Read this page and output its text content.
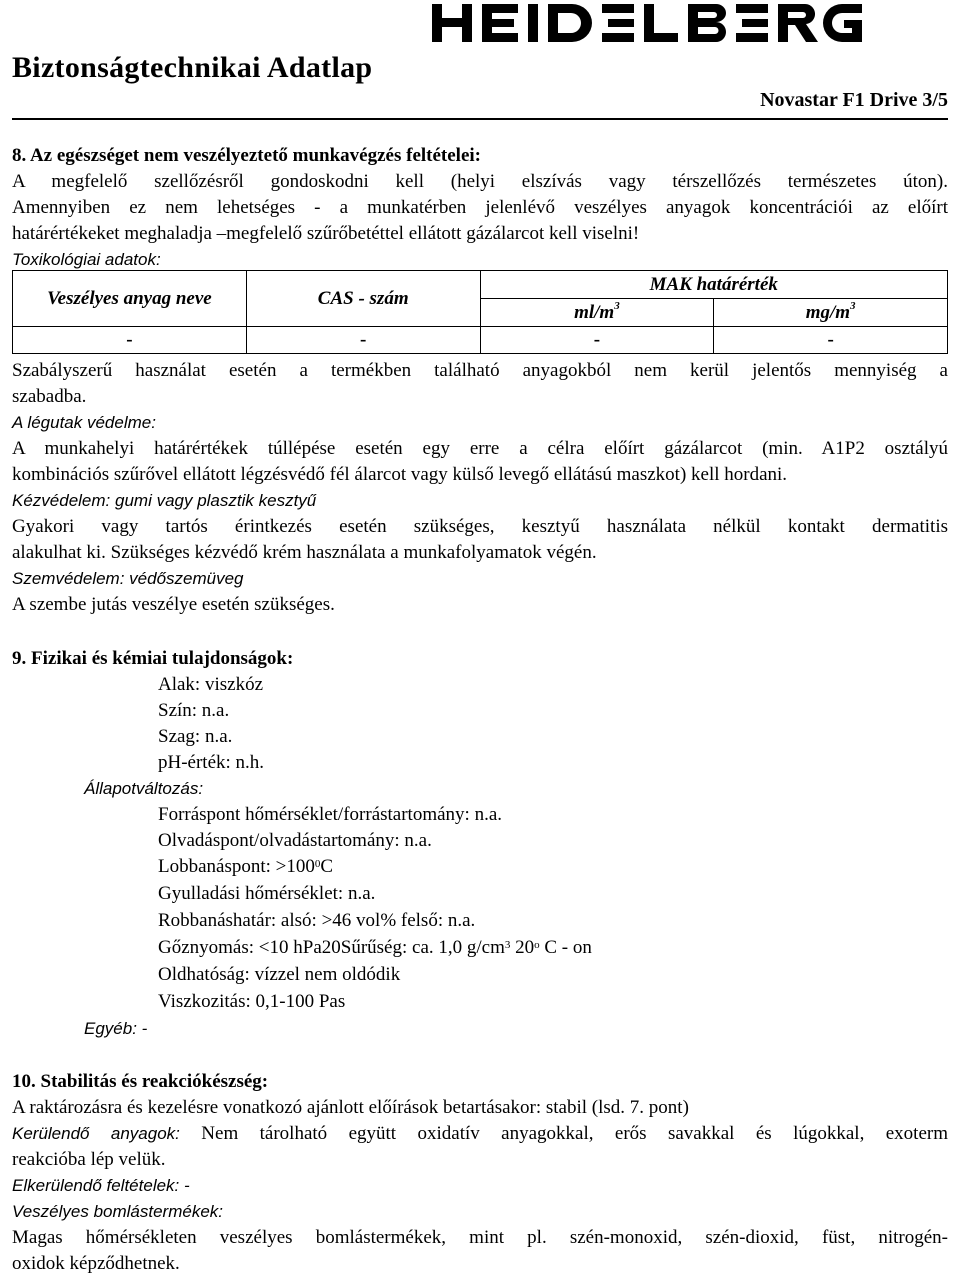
Biztonságtechnikai Adatlap
HEIDELBERG
Novastar F1 Drive 3/5
8. Az egészséget nem veszélyeztető munkavégzés feltételei:
A megfelelő szellőzésről gondoskodni kell (helyi elszívás vagy térszellőzés természetes úton).
Amennyiben ez nem lehetséges - a munkatérben jelenlévő veszélyes anyagok koncentrációi az előírt
határértékeket meghaladja –megfelelő szűrőbetéttel ellátott gázálarcot kell viselni!
Toxikológiai adatok:
Veszélyes anyag neve	CAS - szám	MAK határérték	
		$ml/m^3$	$mg/m^3$
-	-	-	-
Szabályszerű használat esetén a termékben található anyagokból nem kerül jelentős mennyiség a
szabadba.
A légutak védelme:
A munkahelyi határértékek túllépése esetén egy erre a célra előírt gázálarcot (min. A1P2 osztályú
kombinációs szűrővel ellátott légzésvédő fél álarcot vagy külső levegő ellátású maszkot) kell hordani.
Kézvédelem: gumi vagy plasztik kesztyű
Gyakori vagy tartós érintkezés esetén szükséges, kesztyű használata nélkül kontakt dermatitis
alakulhat ki. Szükséges kézvédő krém használata a munkafolyamatok végén.
Szemvédelem: védőszemüveg
A szembe jutás veszélye esetén szükséges.
9. Fizikai és kémiai tulajdonságok:
Alak: viszkóz
Szín: n.a.
Szag: n.a.
pH-érték: n.h.
Állapotváltozás:
Forráspont hőmérséklet/forrástartomány: n.a.
Olvadáspont/olvadástartomány: n.a.
Lobbanáspont: $>100^0C$
Gyulladási hőmérséklet: n.a.
Robbanáshatár: alsó: >46 vol% felső: n.a.
Gőznyomás: <10 hPa20Sűrűség: ca. 1,0 $g/cm^3$ 20$^o$ C - on
Oldhatóság: vízzel nem oldódik
Viszkozitás: 0,1-100 Pas
Egyéb: -
10. Stabilitás és reakciókészség:
A raktározásra és kezelésre vonatkozó ajánlott előírások betartásakor: stabil (lsd. 7. pont)
Kerülendő anyagok: Nem tárolható együtt oxidatív anyagokkal, erős savakkal és lúgokkal, exoterm
reakcióba lép velük.
Elkerülendő feltételek: -
Veszélyes bomlástermékek:
Magas hőmérsékleten veszélyes bomlástermékek, mint pl. szén-monoxid, szén-dioxid, füst, nitrogén-
oxidok képződhetnek.
